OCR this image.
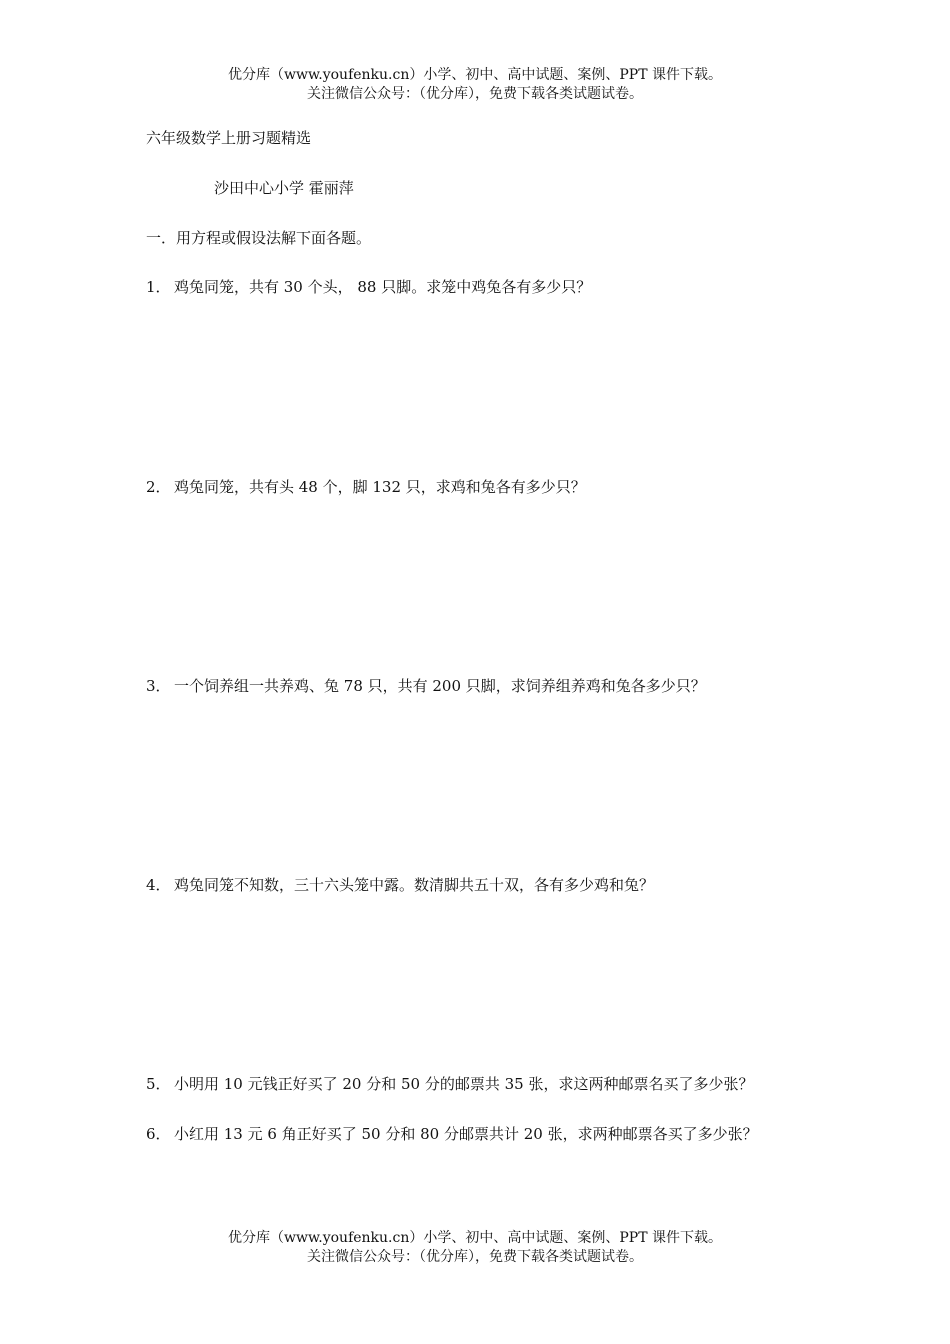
优分库（www.youfenku.cn）小学、初中、高中试题、案例、PPT 课件下载。
关注微信公众号：（优分库），免费下载各类试题试卷。
六年级数学上册习题精选
沙田中心小学 霍丽萍
一．用方程或假设法解下面各题。
1． 鸡兔同笼，共有 30 个头， 88 只脚。求笼中鸡兔各有多少只？
2． 鸡兔同笼，共有头 48 个，脚 132 只，求鸡和兔各有多少只？
3． 一个饲养组一共养鸡、兔 78 只，共有 200 只脚，求饲养组养鸡和兔各多少只？
4． 鸡兔同笼不知数，三十六头笼中露。数清脚共五十双，各有多少鸡和兔？
5． 小明用 10 元钱正好买了 20 分和 50 分的邮票共 35 张，求这两种邮票名买了多少张？
6． 小红用 13 元 6 角正好买了 50 分和 80 分邮票共计 20 张，求两种邮票各买了多少张？
优分库（www.youfenku.cn）小学、初中、高中试题、案例、PPT 课件下载。
关注微信公众号：（优分库），免费下载各类试题试卷。
